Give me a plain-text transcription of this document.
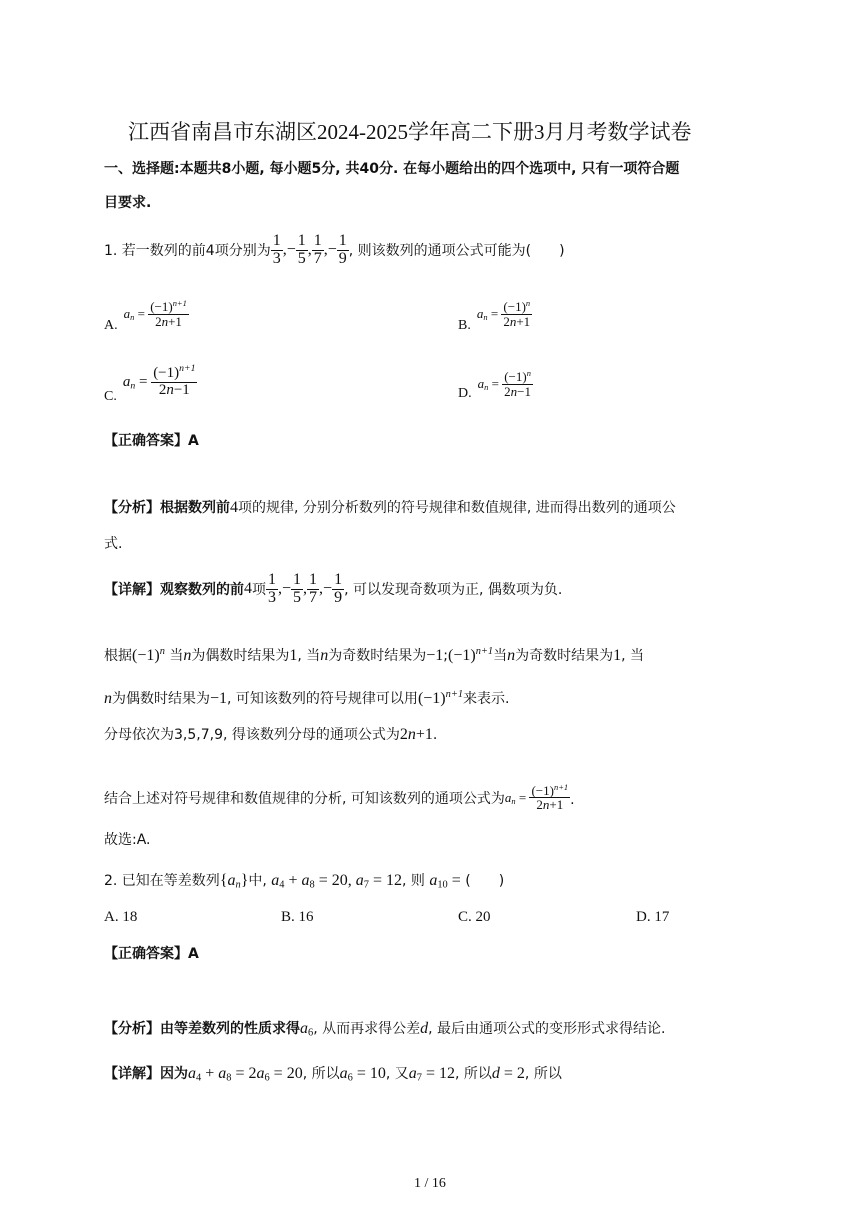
江西省南昌市东湖区2024-2025学年高二下册3月月考数学试卷
一、选择题:本题共8小题, 每小题5分, 共40分. 在每小题给出的四个选项中, 只有一项符合题
目要求.
1. 若一数列的前4项分别为 $\frac{1}{3}$ ,− $\frac{1}{5}$ , $\frac{1}{7}$ ,− $\frac{1}{9}$ , 则该数列的通项公式可能为(　　)
A.
$a_n = \frac{(-1)^{n+1}}{2n+1}$	B.
$a_n = \frac{(-1)^n}{2n+1}$
C.
$a_n = \frac{(-1)^{n+1}}{2n-1}$	D.
$a_n = \frac{(-1)^n}{2n-1}$
【正确答案】A
【分析】根据数列前4项的规律, 分别分析数列的符号规律和数值规律, 进而得出数列的通项公
式.
【详解】观察数列的前 4 项 $\frac{1}{3}$ ,− $\frac{1}{5}$ , $\frac{1}{7}$ ,− $\frac{1}{9}$ , 可以发现奇数项为正, 偶数项为负.
根据$(-1)^n$ 当n为偶数时结果为1, 当n为奇数时结果为$-1;(-1)^{n+1}$当n为奇数时结果为1, 当
n为偶数时结果为−1, 可知该数列的符号规律可以用$(-1)^{n+1}$来表示.
分母依次为3,5,7,9, 得该数列分母的通项公式为2n+1.
结合上述对符号规律和数值规律的分析, 可知该数列的通项公式为 $a_n = \frac{(-1)^{n+1}}{2n+1}$ .
故选:A.
2. 已知在等差数列$\{a_n\}$中, $a_4 + a_8 = 20$, $a_7 = 12$, 则 $a_{10}$ = (　　)
A. 18	B. 16	C. 20	D. 17
【正确答案】A
【分析】由等差数列的性质求得$a_6$, 从而再求得公差d, 最后由通项公式的变形形式求得结论.
【详解】因为$a_4 + a_8 = 2a_6 = 20$, 所以$a_6 = 10$, 又$a_7 = 12$, 所以d = 2, 所以
1 / 16
